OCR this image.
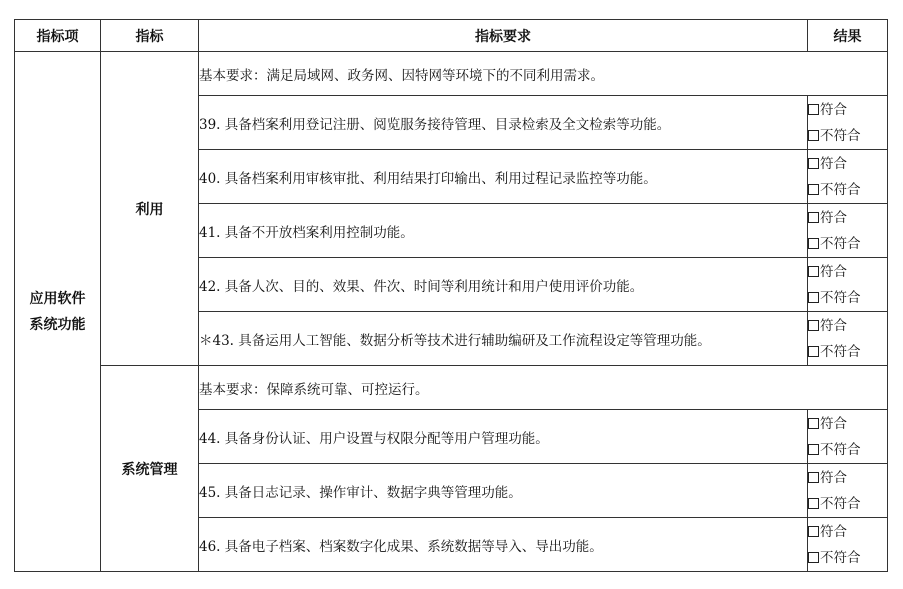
指标项	指标	指标要求	结果
应用软件
系统功能	利用	基本要求：满足局域网、政务网、因特网等环境下的不同利用需求。	
		39. 具备档案利用登记注册、阅览服务接待管理、目录检索及全文检索等功能。	符合
不符合

		40. 具备档案利用审核审批、利用结果打印输出、利用过程记录监控等功能。	符合
不符合

		41. 具备不开放档案利用控制功能。	符合
不符合

		42. 具备人次、目的、效果、件次、时间等利用统计和用户使用评价功能。	符合
不符合

		＊43. 具备运用人工智能、数据分析等技术进行辅助编研及工作流程设定等管理功能。	符合
不符合

	系统管理	基本要求：保障系统可靠、可控运行。	
		44. 具备身份认证、用户设置与权限分配等用户管理功能。	符合
不符合

		45. 具备日志记录、操作审计、数据字典等管理功能。	符合
不符合

		46. 具备电子档案、档案数字化成果、系统数据等导入、导出功能。	符合
不符合
